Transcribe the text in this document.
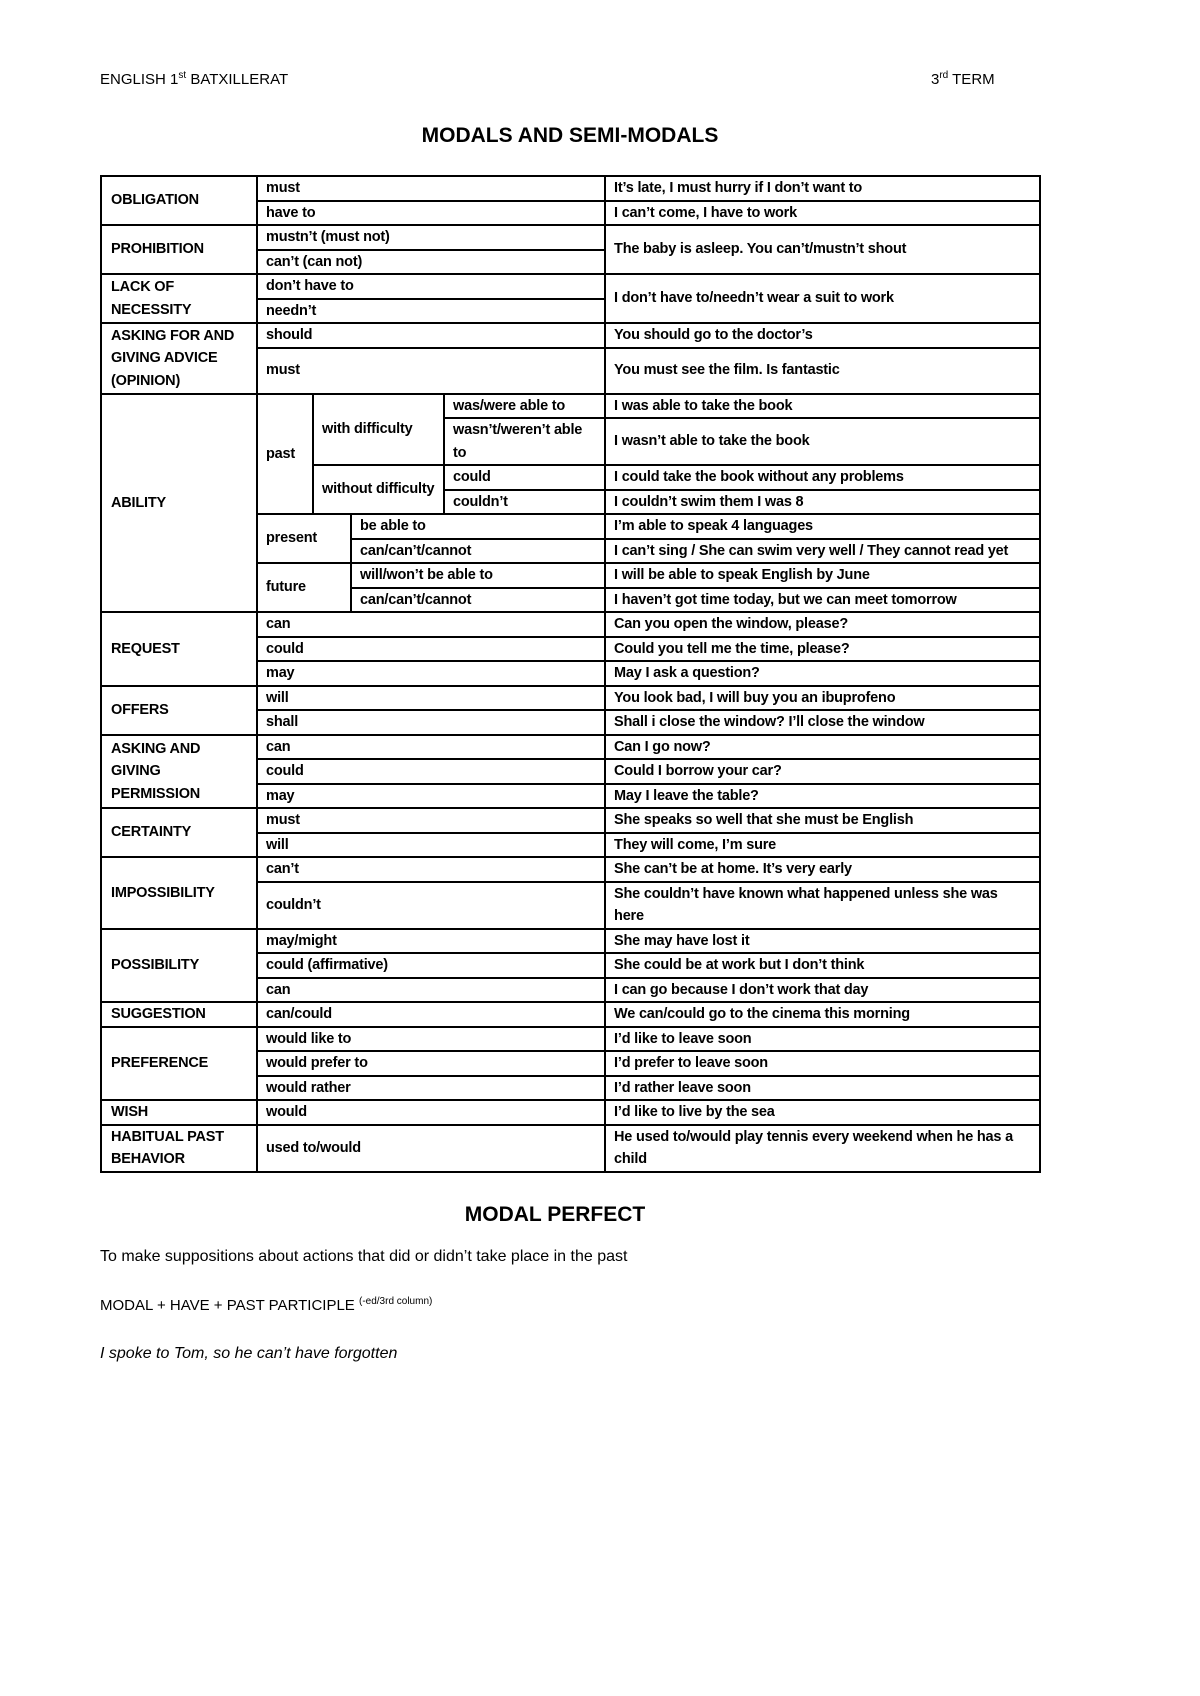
ENGLISH 1st BATXILLERAT	3rd TERM
MODALS AND SEMI-MODALS
OBLIGATION	must				It’s late, I must hurry if I don’t want to
	have to				I can’t come, I have to work
PROHIBITION	mustn’t (must not)				The baby is asleep. You can’t/mustn’t shout
	can’t (can not)				
LACK OF NECESSITY	don’t have to				I don’t have to/needn’t wear a suit to work
	needn’t				
ASKING FOR AND GIVING ADVICE (OPINION)	should				You should go to the doctor’s
	must				You must see the film. Is fantastic
ABILITY	past	with difficulty		was/were able to	I was able to take the book
				wasn’t/weren’t able to	I wasn’t able to take the book
		without difficulty		could	I could take the book without any problems
				couldn’t	I couldn’t swim them I was 8
	present		be able to		I’m able to speak 4 languages
			can/can’t/cannot		I can’t sing / She can swim very well / They cannot read yet
	future		will/won’t be able to		I will be able to speak English by June
			can/can’t/cannot		I haven’t got time today, but we can meet tomorrow
REQUEST	can				Can you open the window, please?
	could				Could you tell me the time, please?
	may				May I ask a question?
OFFERS	will				You look bad, I will buy you an ibuprofeno
	shall				Shall i close the window? I’ll close the window
ASKING AND GIVING PERMISSION	can				Can I go now?
	could				Could I borrow your car?
	may				May I leave the table?
CERTAINTY	must				She speaks so well that she must be English
	will				They will come, I’m sure
IMPOSSIBILITY	can’t				She can’t be at home. It’s very early
	couldn’t				She couldn’t have known what happened unless she was here
POSSIBILITY	may/might				She may have lost it
	could (affirmative)				She could be at work but I don’t think
	can				I can go because I don’t work that day
SUGGESTION	can/could				We can/could go to the cinema this morning
PREFERENCE	would like to				I’d like to leave soon
	would prefer to				I’d prefer to leave soon
	would rather				I’d rather leave soon
WISH	would				I’d like to live by the sea
HABITUAL PAST BEHAVIOR	used to/would				He used to/would play tennis every weekend when he has a child
MODAL PERFECT
To make suppositions about actions that did or didn’t take place in the past
MODAL + HAVE + PAST PARTICIPLE $^{(-ed/3rd column)}$
I spoke to Tom, so he can’t have forgotten
